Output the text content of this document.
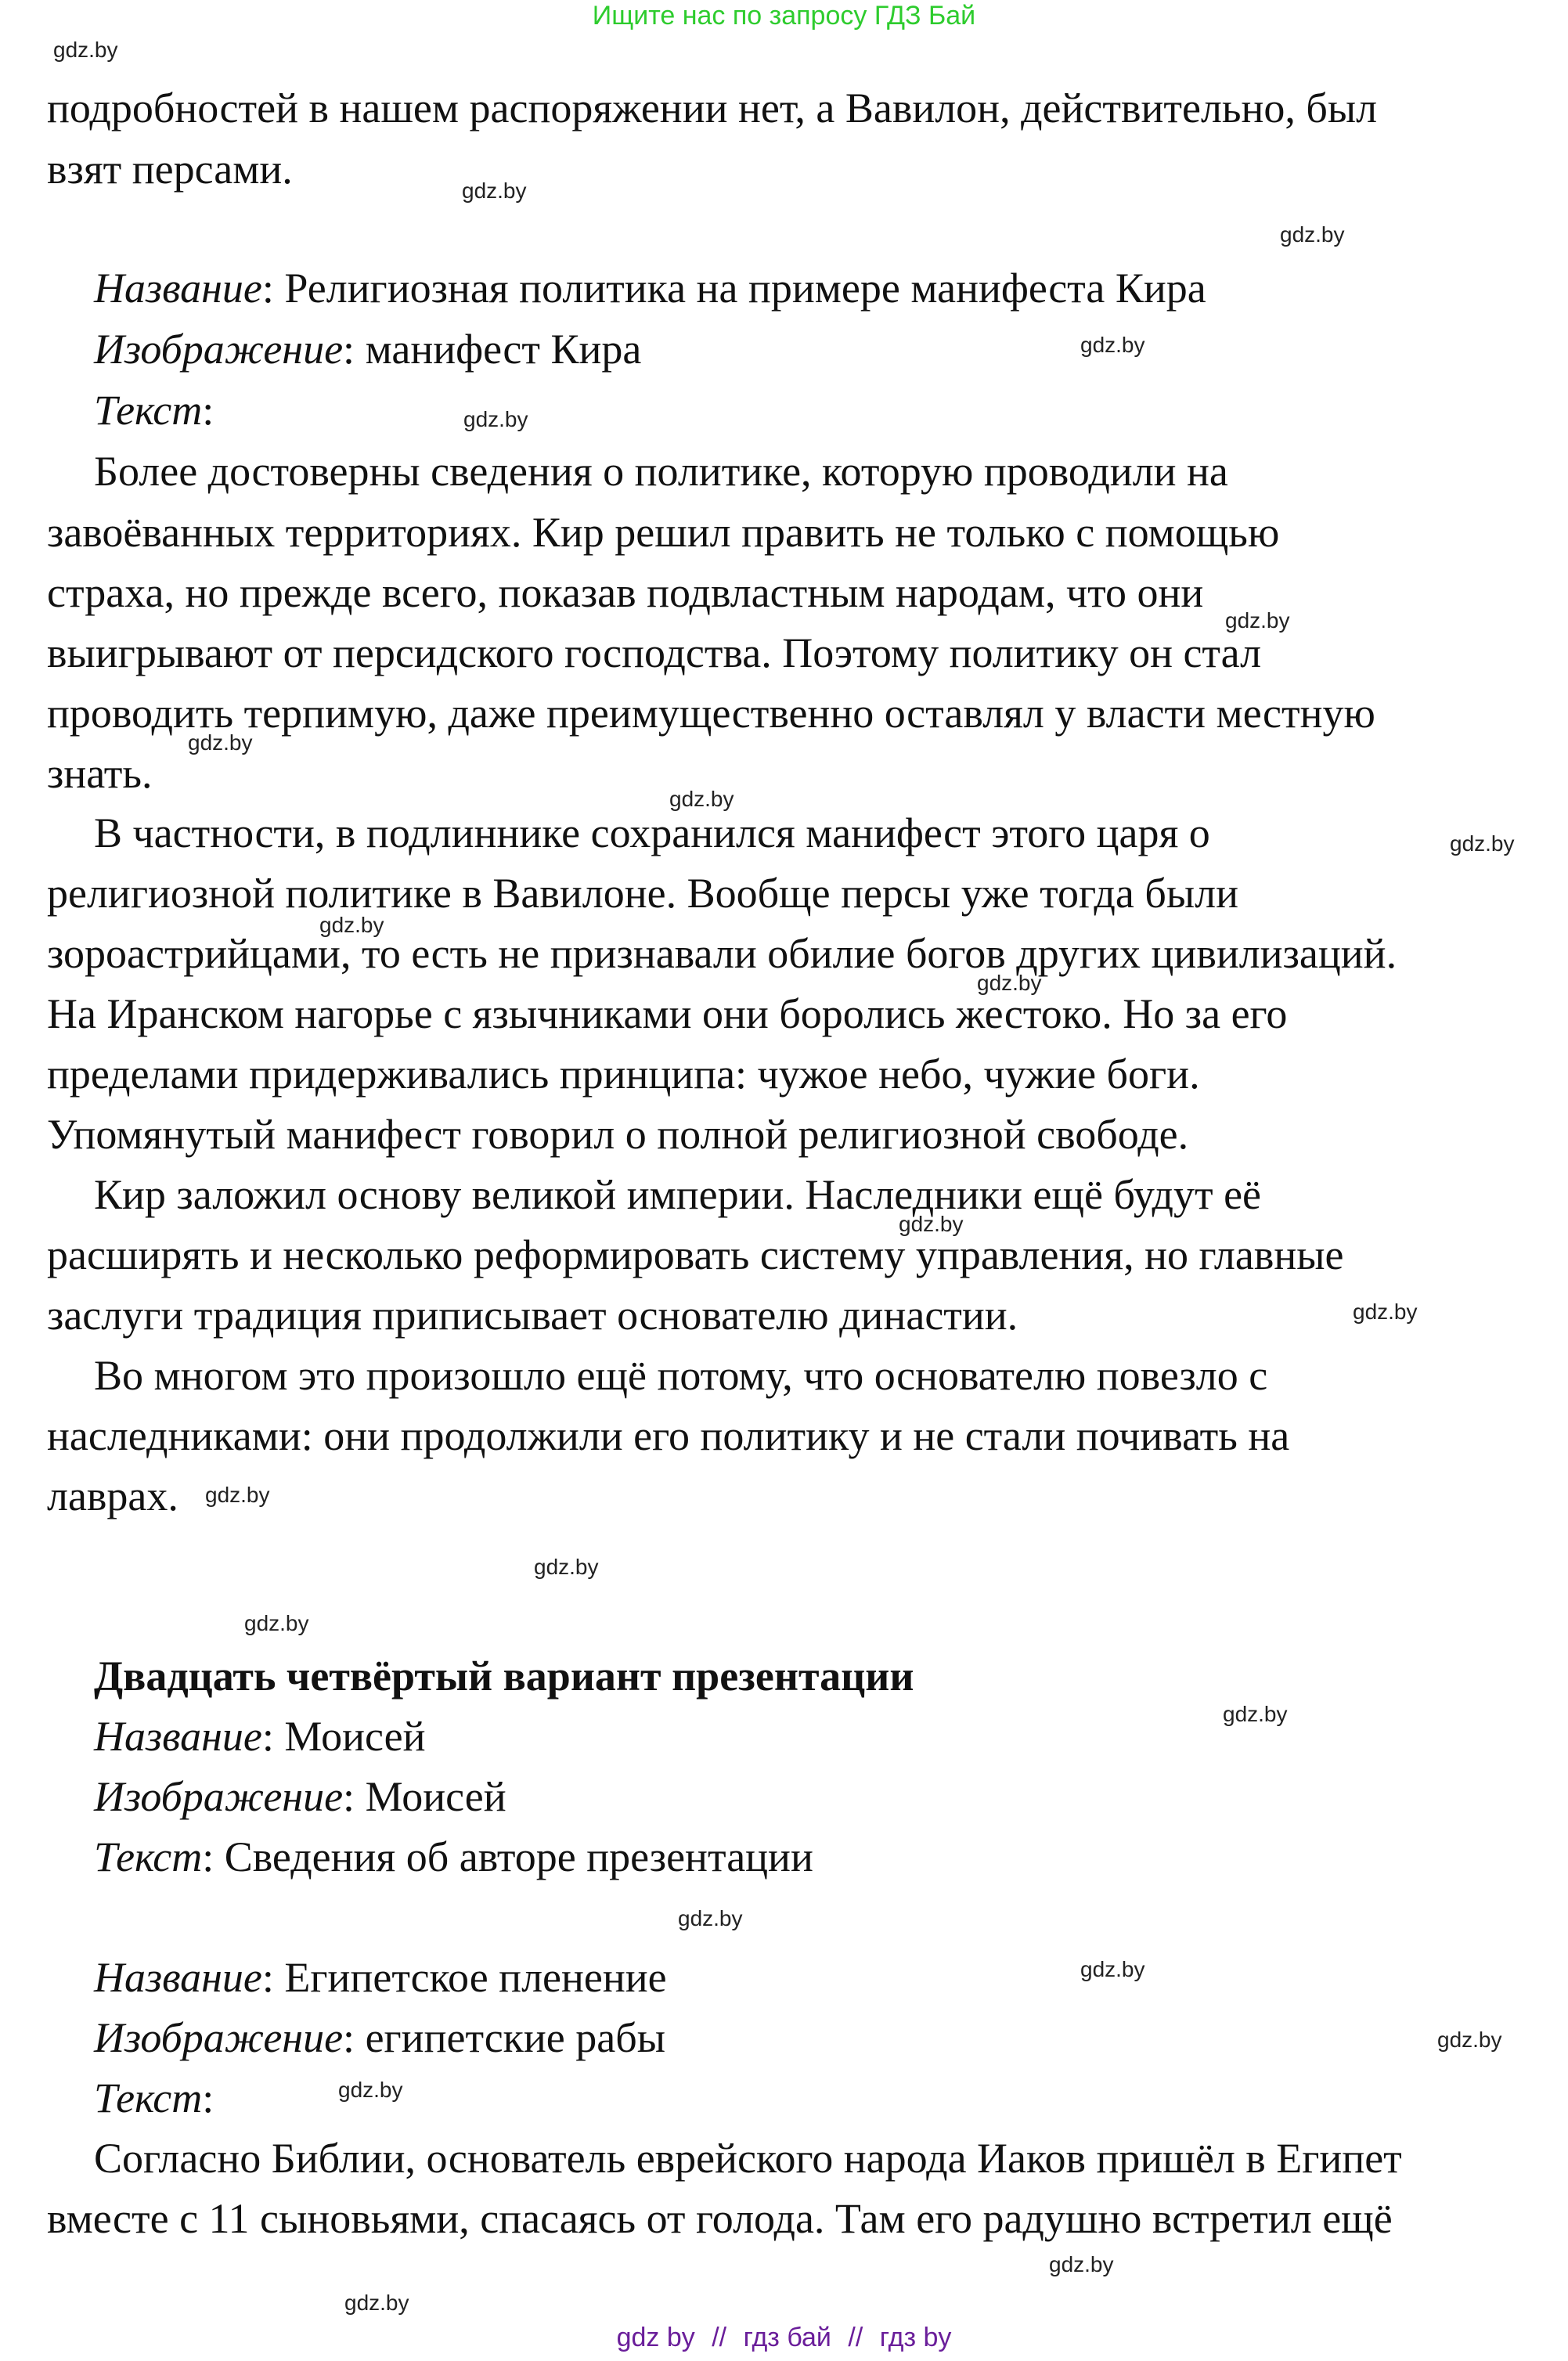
Ищите нас по запросу ГДЗ Бай

подробностей в нашем распоряжении нет, а Вавилон, действительно, был

взят персами.

Название: Религиозная политика на примере манифеста Кира

Изображение: манифест Кира

Текст:

Более достоверны сведения о политике, которую проводили на

завоёванных территориях. Кир решил править не только с помощью

страха, но прежде всего, показав подвластным народам, что они

выигрывают от персидского господства. Поэтому политику он стал

проводить терпимую, даже преимущественно оставлял у власти местную

знать.

В частности, в подлиннике сохранился манифест этого царя о

религиозной политике в Вавилоне. Вообще персы уже тогда были

зороастрийцами, то есть не признавали обилие богов других цивилизаций.

На Иранском нагорье с язычниками они боролись жестоко. Но за его

пределами придерживались принципа: чужое небо, чужие боги.

Упомянутый манифест говорил о полной религиозной свободе.

Кир заложил основу великой империи. Наследники ещё будут её

расширять и несколько реформировать систему управления, но главные

заслуги традиция приписывает основателю династии.

Во многом это произошло ещё потому, что основателю повезло с

наследниками: они продолжили его политику и не стали почивать на

лаврах.

Двадцать четвёртый вариант презентации

Название: Моисей

Изображение: Моисей

Текст: Сведения об авторе презентации

Название: Египетское пленение

Изображение: египетские рабы

Текст:

Согласно Библии, основатель еврейского народа Иаков пришёл в Египет

вместе с 11 сыновьями, спасаясь от голода. Там его радушно встретил ещё

gdz.by
gdz.by
gdz.by
gdz.by
gdz.by
gdz.by
gdz.by
gdz.by
gdz.by
gdz.by
gdz.by
gdz.by
gdz.by
gdz.by
gdz.by
gdz.by
gdz.by
gdz.by
gdz.by
gdz.by
gdz.by
gdz.by
gdz.by
gdz by // гдз бай // гдз by
